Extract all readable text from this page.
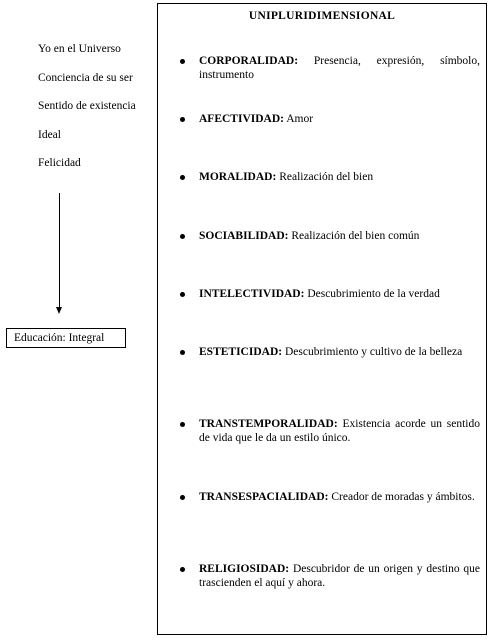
Yo en el Universo
Conciencia de su ser
Sentido de existencia
Ideal
Felicidad
Educación: Integral
UNIPLURIDIMENSIONAL
CORPORALIDAD: Presencia, expresión, símbolo, instrumento
AFECTIVIDAD: Amor
MORALIDAD: Realización del bien
SOCIABILIDAD: Realización del bien común
INTELECTIVIDAD: Descubrimiento de la verdad
ESTETICIDAD: Descubrimiento y cultivo de la belleza
TRANSTEMPORALIDAD: Existencia acorde un sentido de vida que le da un estilo único.
TRANSESPACIALIDAD: Creador de moradas y ámbitos.
RELIGIOSIDAD: Descubridor de un origen y destino que trascienden el aquí y ahora.
